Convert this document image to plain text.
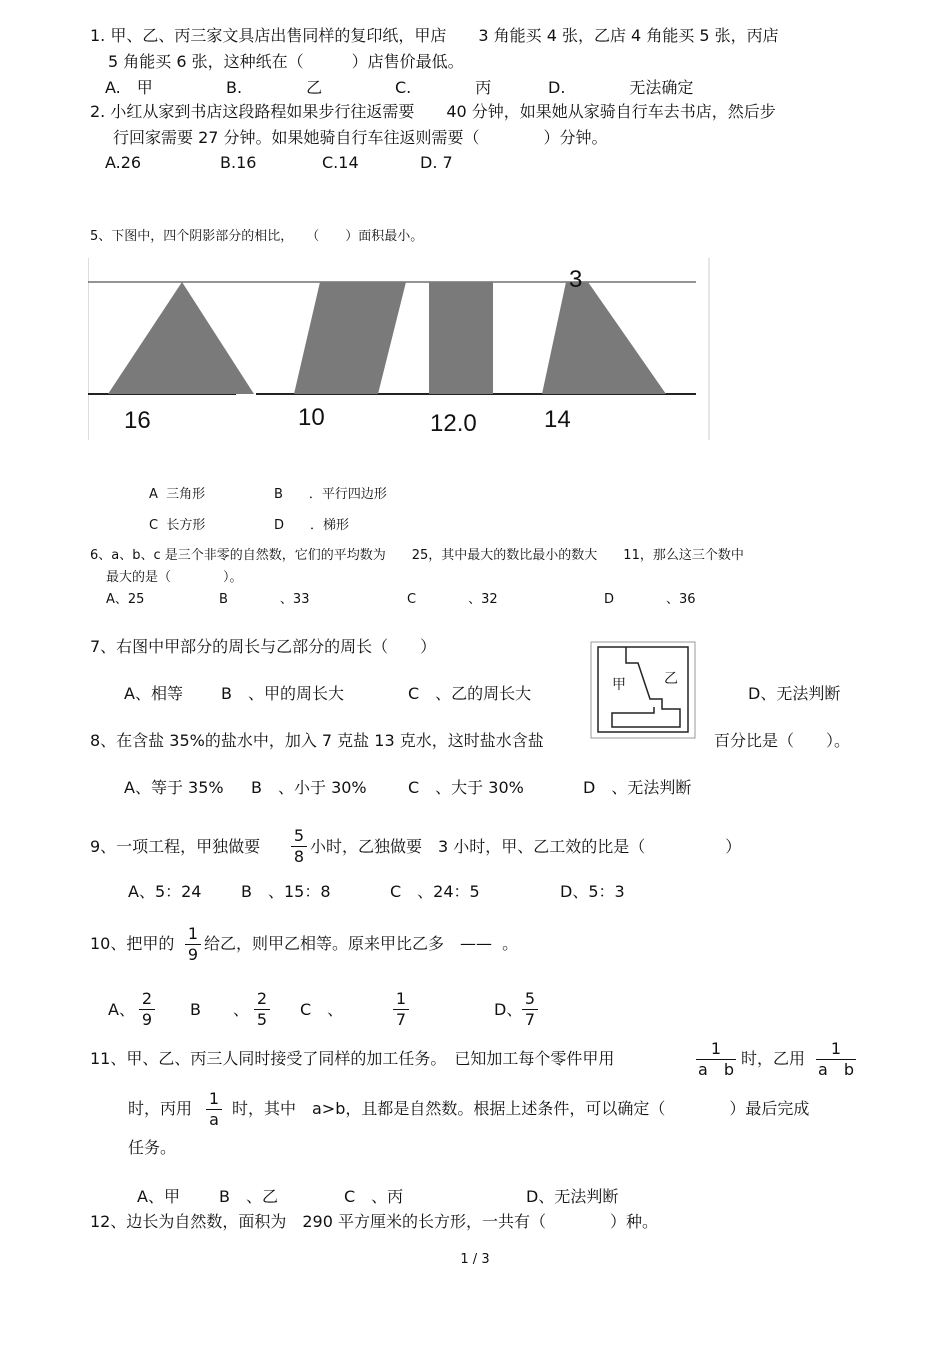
1. 甲、乙、丙三家文具店出售同样的复印纸，甲店　　3 角能买 4 张，乙店 4 角能买 5 张，丙店
5 角能买 6 张，这种纸在（　　　）店售价最低。
A.　甲	B.　　　　乙	C.　　　　丙	D.　　　　无法确定
2. 小红从家到书店这段路程如果步行往返需要　　40 分钟，如果她从家骑自行车去书店，然后步
行回家需要 27 分钟。如果她骑自行车往返则需要（　　　　）分钟。
A.26	B.16	C.14	D. 7
5、下图中，四个阴影部分的相比，　　（　　）面积最小。
16	10	12.0	14
3
A  三角形	B　　．平行四边形
C  长方形	D　　．梯形
6、a、b、c 是三个非零的自然数，它们的平均数为　　25，其中最大的数比最小的数大　　11，那么这三个数中
最大的是（　　　　）。
A、25	B　　　　、33	C　　　　、32	D　　　　、36
7、右图中甲部分的周长与乙部分的周长（　　）
A、相等 B　、甲的周长大	C　、乙的周长大	D、无法判断
甲	乙
8、在含盐 35%的盐水中，加入 7 克盐 13 克水，这时盐水含盐	百分比是（　　）。
A、等于 35% B　、小于 30%	C　、大于 30%	D　、无法判断
9、一项工程，甲独做要
5
8
小时，乙独做要　3 小时，甲、乙工效的比是（　　　　　）
A、5：24 B　、15：8	C　、24：5	D、5：3
10、把甲的
1
9
给乙，则甲乙相等。原来甲比乙多　——  。
A、
2
9
B　　、
2
5
C　、
1
7
D、
5
7
11、甲、乙、丙三人同时接受了同样的加工任务。　已知加工每个零件甲用
1
a　b
时，乙用
1
a　b
时，丙用
1
a
时，其中　a>b，且都是自然数。根据上述条件，可以确定（　　　　）最后完成
任务。
A、甲 B　、乙	C　、丙	D、无法判断
12、边长为自然数，面积为　290 平方厘米的长方形，一共有（　　　　）种。
1 / 3
